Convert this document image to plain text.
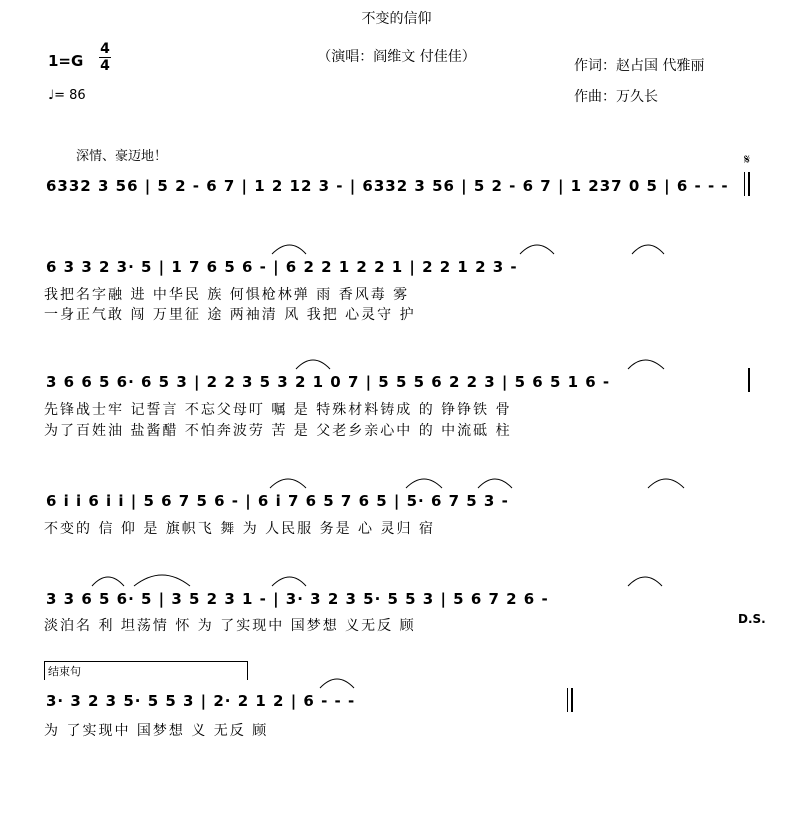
不变的信仰
（演唱：阎维文 付佳佳）
1=G
4
4
♩= 86
作词：赵占国 代雅丽
作曲：万久长
深情、豪迈地！	𝄋
6332 3 56 | 5 2 - 6 7 | 1 2 12 3 - | 6332 3 56 | 5 2 - 6 7 | 1 237 0 5 | 6 - - -
6 3 3 2 3· 5 | 1 7 6 5 6 - | 6 2 2 1 2 2 1 | 2 2 1 2 3 -
我把名字融 进 中华民 族 何惧枪林弹 雨 香风毒 雾
一身正气敢 闯 万里征 途 两袖清 风 我把 心灵守 护
3 6 6 5 6· 6 5 3 | 2 2 3 5 3 2 1 0 7 | 5 5 5 6 2 2 3 | 5 6 5 1 6 -
先锋战士牢 记誓言 不忘父母叮 嘱 是 特殊材料铸成 的 铮铮铁 骨
为了百姓油 盐酱醋 不怕奔波劳 苦 是 父老乡亲心中 的 中流砥 柱
6 i i 6 i i | 5 6 7 5 6 - | 6 i 7 6 5 7 6 5 | 5· 6 7 5 3 -
不变的 信 仰 是 旗帜飞 舞 为 人民服 务是 心 灵归 宿
3 3 6 5 6· 5 | 3 5 2 3 1 - | 3· 3 2 3 5· 5 5 3 | 5 6 7 2 6 -
淡泊名 利 坦荡情 怀 为 了实现中 国梦想 义无反 顾	D.S.
结束句
3· 3 2 3 5· 5 5 3 | 2· 2 1 2 | 6 - - -
为 了实现中 国梦想 义 无反 顾
